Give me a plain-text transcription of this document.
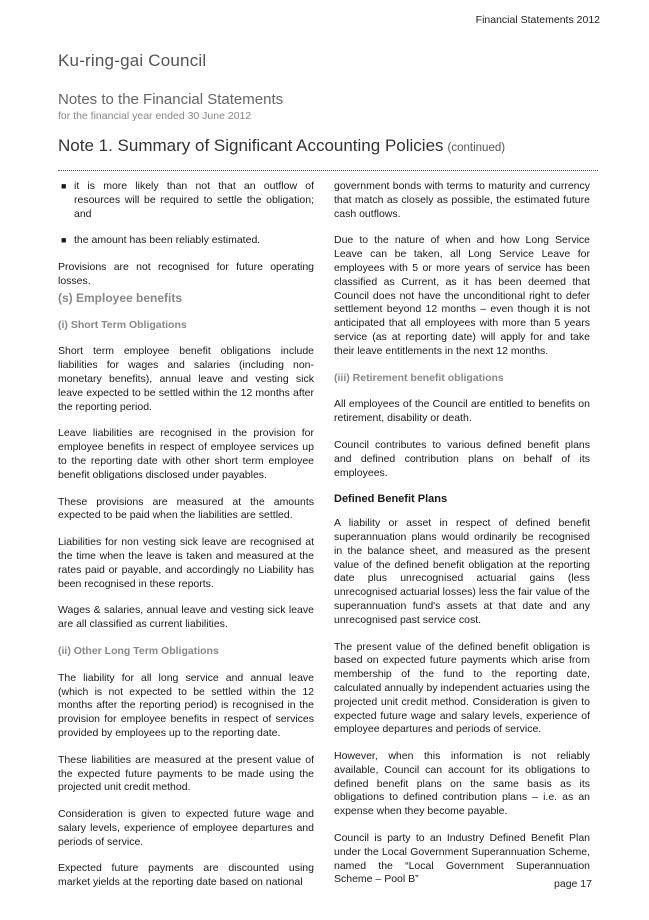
Financial Statements 2012
Ku-ring-gai Council
Notes to the Financial Statements
for the financial year ended 30 June 2012
Note 1. Summary of Significant Accounting Policies (continued)
■ it is more likely than not that an outflow of resources will be required to settle the obligation; and
■ the amount has been reliably estimated.

Provisions are not recognised for future operating losses.

(s) Employee benefits
(i) Short Term Obligations

Short term employee benefit obligations include liabilities for wages and salaries (including non-monetary benefits), annual leave and vesting sick leave expected to be settled within the 12 months after the reporting period.

Leave liabilities are recognised in the provision for employee benefits in respect of employee services up to the reporting date with other short term employee benefit obligations disclosed under payables.

These provisions are measured at the amounts expected to be paid when the liabilities are settled.

Liabilities for non vesting sick leave are recognised at the time when the leave is taken and measured at the rates paid or payable, and accordingly no Liability has been recognised in these reports.

Wages & salaries, annual leave and vesting sick leave are all classified as current liabilities.

(ii) Other Long Term Obligations

The liability for all long service and annual leave (which is not expected to be settled within the 12 months after the reporting period) is recognised in the provision for employee benefits in respect of services provided by employees up to the reporting date.

These liabilities are measured at the present value of the expected future payments to be made using the projected unit credit method.

Consideration is given to expected future wage and salary levels, experience of employee departures and periods of service.

Expected future payments are discounted using market yields at the reporting date based on national

government bonds with terms to maturity and currency that match as closely as possible, the estimated future cash outflows.

Due to the nature of when and how Long Service Leave can be taken, all Long Service Leave for employees with 5 or more years of service has been classified as Current, as it has been deemed that Council does not have the unconditional right to defer settlement beyond 12 months – even though it is not anticipated that all employees with more than 5 years service (as at reporting date) will apply for and take their leave entitlements in the next 12 months.

(iii) Retirement benefit obligations

All employees of the Council are entitled to benefits on retirement, disability or death.

Council contributes to various defined benefit plans and defined contribution plans on behalf of its employees.

Defined Benefit Plans

A liability or asset in respect of defined benefit superannuation plans would ordinarily be recognised in the balance sheet, and measured as the present value of the defined benefit obligation at the reporting date plus unrecognised actuarial gains (less unrecognised actuarial losses) less the fair value of the superannuation fund's assets at that date and any unrecognised past service cost.

The present value of the defined benefit obligation is based on expected future payments which arise from membership of the fund to the reporting date, calculated annually by independent actuaries using the projected unit credit method. Consideration is given to expected future wage and salary levels, experience of employee departures and periods of service.

However, when this information is not reliably available, Council can account for its obligations to defined benefit plans on the same basis as its obligations to defined contribution plans – i.e. as an expense when they become payable.

Council is party to an Industry Defined Benefit Plan under the Local Government Superannuation Scheme, named the “Local Government Superannuation Scheme – Pool B”	page 17
